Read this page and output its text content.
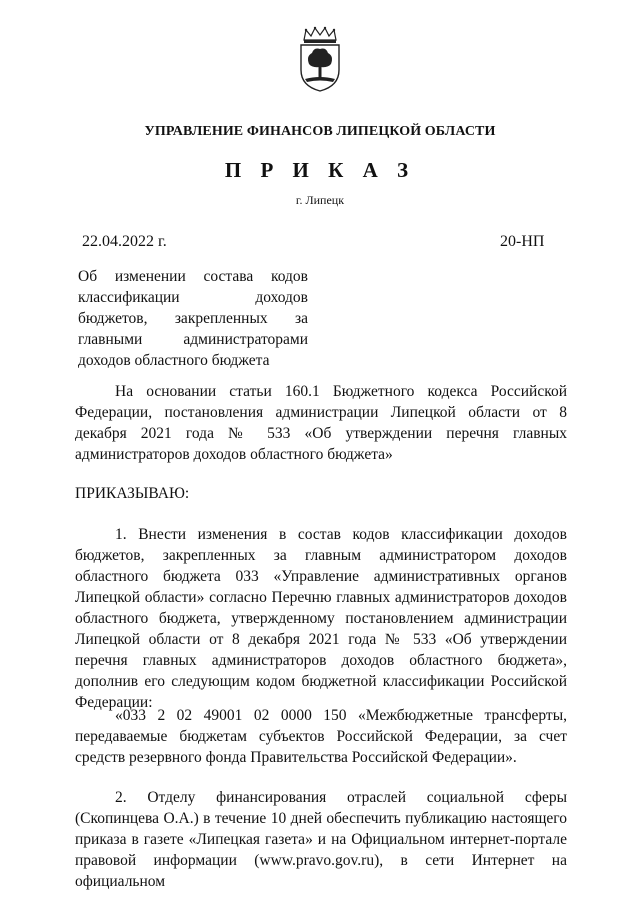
УПРАВЛЕНИЕ ФИНАНСОВ ЛИПЕЦКОЙ ОБЛАСТИ
П Р И К А З
г. Липецк
22.04.2022 г.	20-НП
Об изменении состава кодов классификации доходов бюджетов, закрепленных за главными администраторами доходов областного бюджета
На основании статьи 160.1 Бюджетного кодекса Российской Федерации, постановления администрации Липецкой области от 8 декабря 2021 года № 533 «Об утверждении перечня главных администраторов доходов областного бюджета»
ПРИКАЗЫВАЮ:
1. Внести изменения в состав кодов классификации доходов бюджетов, закрепленных за главным администратором доходов областного бюджета 033 «Управление административных органов Липецкой области» согласно Перечню главных администраторов доходов областного бюджета, утвержденному постановлением администрации Липецкой области от 8 декабря 2021 года № 533 «Об утверждении перечня главных администраторов доходов областного бюджета», дополнив его следующим кодом бюджетной классификации Российской Федерации:
«033 2 02 49001 02 0000 150 «Межбюджетные трансферты, передаваемые бюджетам субъектов Российской Федерации, за счет средств резервного фонда Правительства Российской Федерации».
2. Отделу финансирования отраслей социальной сферы (Скопинцева О.А.) в течение 10 дней обеспечить публикацию настоящего приказа в газете «Липецкая газета» и на Официальном интернет-портале правовой информации (www.pravo.gov.ru), в сети Интернет на официальном
